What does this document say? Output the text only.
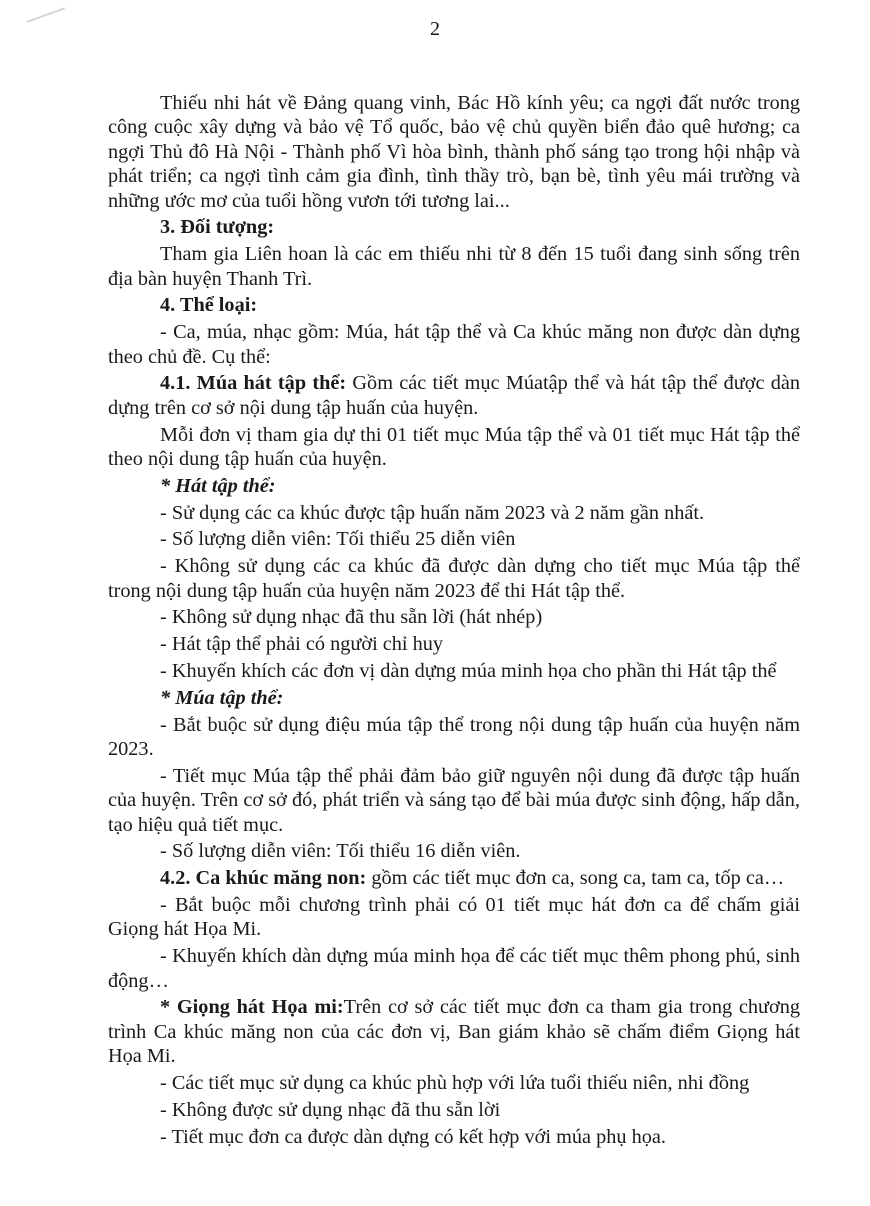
2

Thiếu nhi hát về Đảng quang vinh, Bác Hồ kính yêu; ca ngợi đất nước trong công cuộc xây dựng và bảo vệ Tổ quốc, bảo vệ chủ quyền biển đảo quê hương; ca ngợi Thủ đô Hà Nội - Thành phố Vì hòa bình, thành phố sáng tạo trong hội nhập và phát triển; ca ngợi tình cảm gia đình, tình thầy trò, bạn bè, tình yêu mái trường và những ước mơ của tuổi hồng vươn tới tương lai...

3. Đối tượng:

Tham gia Liên hoan là các em thiếu nhi từ 8 đến 15 tuổi đang sinh sống trên địa bàn huyện Thanh Trì.

4. Thể loại:

- Ca, múa, nhạc gồm: Múa, hát tập thể và Ca khúc măng non được dàn dựng theo chủ đề. Cụ thể:

4.1. Múa hát tập thể: Gồm các tiết mục Múatập thể và hát tập thể được dàn dựng trên cơ sở nội dung tập huấn của huyện.

Mỗi đơn vị tham gia dự thi 01 tiết mục Múa tập thể và 01 tiết mục Hát tập thể theo nội dung tập huấn của huyện.

* Hát tập thể:

- Sử dụng các ca khúc được tập huấn năm 2023 và 2 năm gần nhất.

- Số lượng diễn viên: Tối thiểu 25 diễn viên

- Không sử dụng các ca khúc đã được dàn dựng cho tiết mục Múa tập thể trong nội dung tập huấn của huyện năm 2023 để thi Hát tập thể.

- Không sử dụng nhạc đã thu sẵn lời (hát nhép)

- Hát tập thể phải có người chỉ huy

- Khuyến khích các đơn vị dàn dựng múa minh họa cho phần thi Hát tập thể

* Múa tập thể:

- Bắt buộc sử dụng điệu múa tập thể trong nội dung tập huấn của huyện năm 2023.

- Tiết mục Múa tập thể phải đảm bảo giữ nguyên nội dung đã được tập huấn của huyện. Trên cơ sở đó, phát triển và sáng tạo để bài múa được sinh động, hấp dẫn, tạo hiệu quả tiết mục.

- Số lượng diễn viên: Tối thiểu 16 diễn viên.

4.2. Ca khúc măng non: gồm các tiết mục đơn ca, song ca, tam ca, tốp ca…

- Bắt buộc mỗi chương trình phải có 01 tiết mục hát đơn ca để chấm giải Giọng hát Họa Mi.

- Khuyến khích dàn dựng múa minh họa để các tiết mục thêm phong phú, sinh động…

* Giọng hát Họa mi:Trên cơ sở các tiết mục đơn ca tham gia trong chương trình Ca khúc măng non của các đơn vị, Ban giám khảo sẽ chấm điểm Giọng hát Họa Mi.

- Các tiết mục sử dụng ca khúc phù hợp với lứa tuổi thiếu niên, nhi đồng

- Không được sử dụng nhạc đã thu sẵn lời

- Tiết mục đơn ca được dàn dựng có kết hợp với múa phụ họa.
